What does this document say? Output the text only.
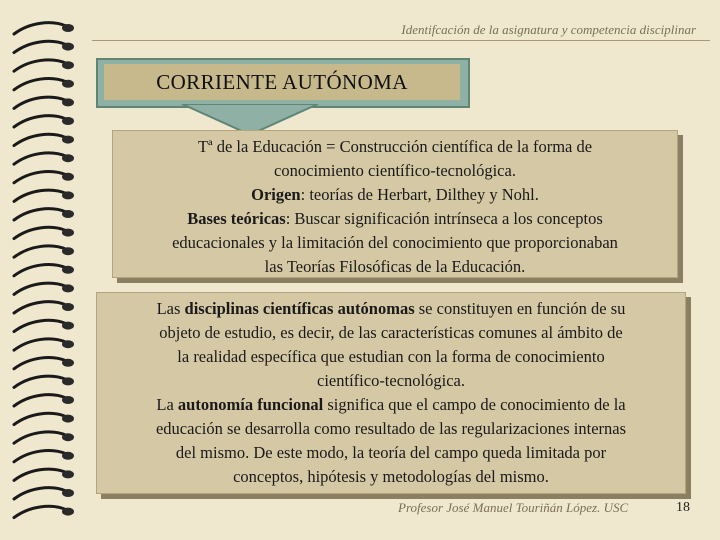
Identifcación de la asignatura y competencia disciplinar
CORRIENTE AUTÓNOMA
Tª de la Educación = Construcción científica de la forma de
conocimiento científico-tecnológica.
Origen: teorías de Herbart, Dilthey y Nohl.
Bases teóricas: Buscar significación intrínseca a los conceptos
educacionales y la limitación del conocimiento que proporcionaban
las Teorías Filosóficas de la Educación.
Las disciplinas científicas autónomas se constituyen en función de su
objeto de estudio, es decir, de las características comunes al ámbito de
la realidad específica que estudian con la forma de conocimiento
científico-tecnológica.
La autonomía funcional significa que el campo de conocimiento de la
educación se desarrolla como resultado de las regularizaciones internas
del mismo. De este modo, la teoría del campo queda limitada por
conceptos, hipótesis y metodologías del mismo.
Profesor José Manuel Touriñán López. USC	18
